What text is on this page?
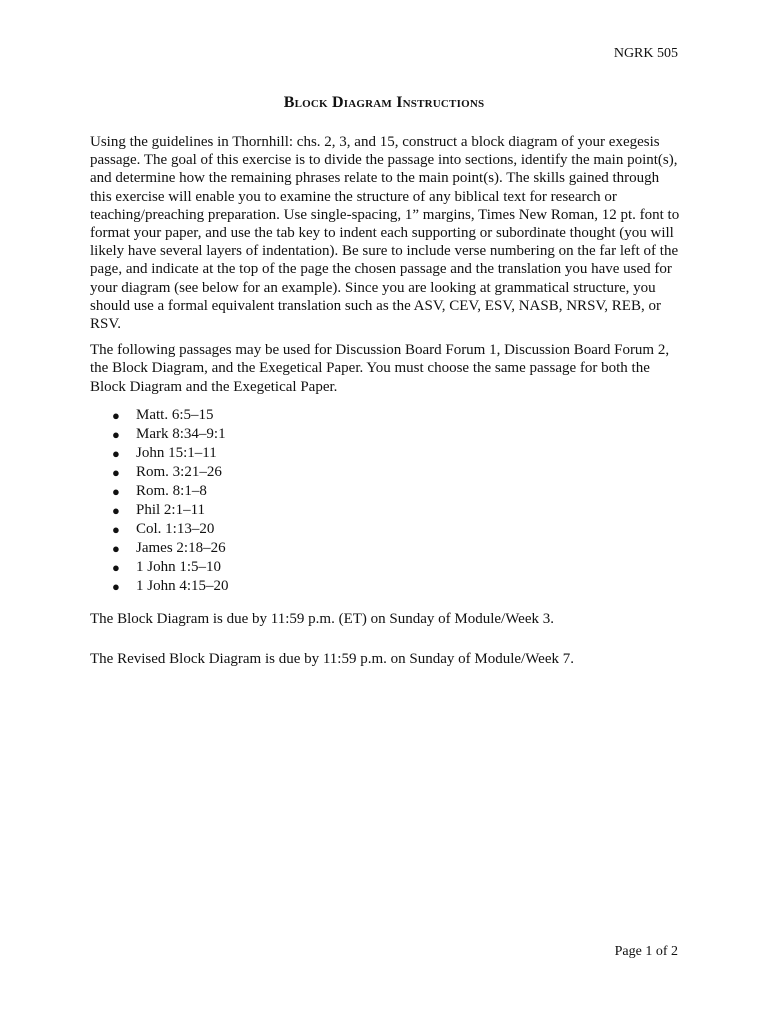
NGRK 505
Block Diagram Instructions

Using the guidelines in Thornhill: chs. 2, 3, and 15, construct a block diagram of your exegesis passage. The goal of this exercise is to divide the passage into sections, identify the main point(s), and determine how the remaining phrases relate to the main point(s). The skills gained through this exercise will enable you to examine the structure of any biblical text for research or teaching/preaching preparation. Use single-spacing, 1” margins, Times New Roman, 12 pt. font to format your paper, and use the tab key to indent each supporting or subordinate thought (you will likely have several layers of indentation). Be sure to include verse numbering on the far left of the page, and indicate at the top of the page the chosen passage and the translation you have used for your diagram (see below for an example). Since you are looking at grammatical structure, you should use a formal equivalent translation such as the ASV, CEV, ESV, NASB, NRSV, REB, or RSV.

The following passages may be used for Discussion Board Forum 1, Discussion Board Forum 2, the Block Diagram, and the Exegetical Paper. You must choose the same passage for both the Block Diagram and the Exegetical Paper.

● Matt. 6:5–15
● Mark 8:34–9:1
● John 15:1–11
● Rom. 3:21–26
● Rom. 8:1–8
● Phil 2:1–11
● Col. 1:13–20
● James 2:18–26
● 1 John 1:5–10
● 1 John 4:15–20

The Block Diagram is due by 11:59 p.m. (ET) on Sunday of Module/Week 3.

The Revised Block Diagram is due by 11:59 p.m. on Sunday of Module/Week 7.

Page 1 of 2
